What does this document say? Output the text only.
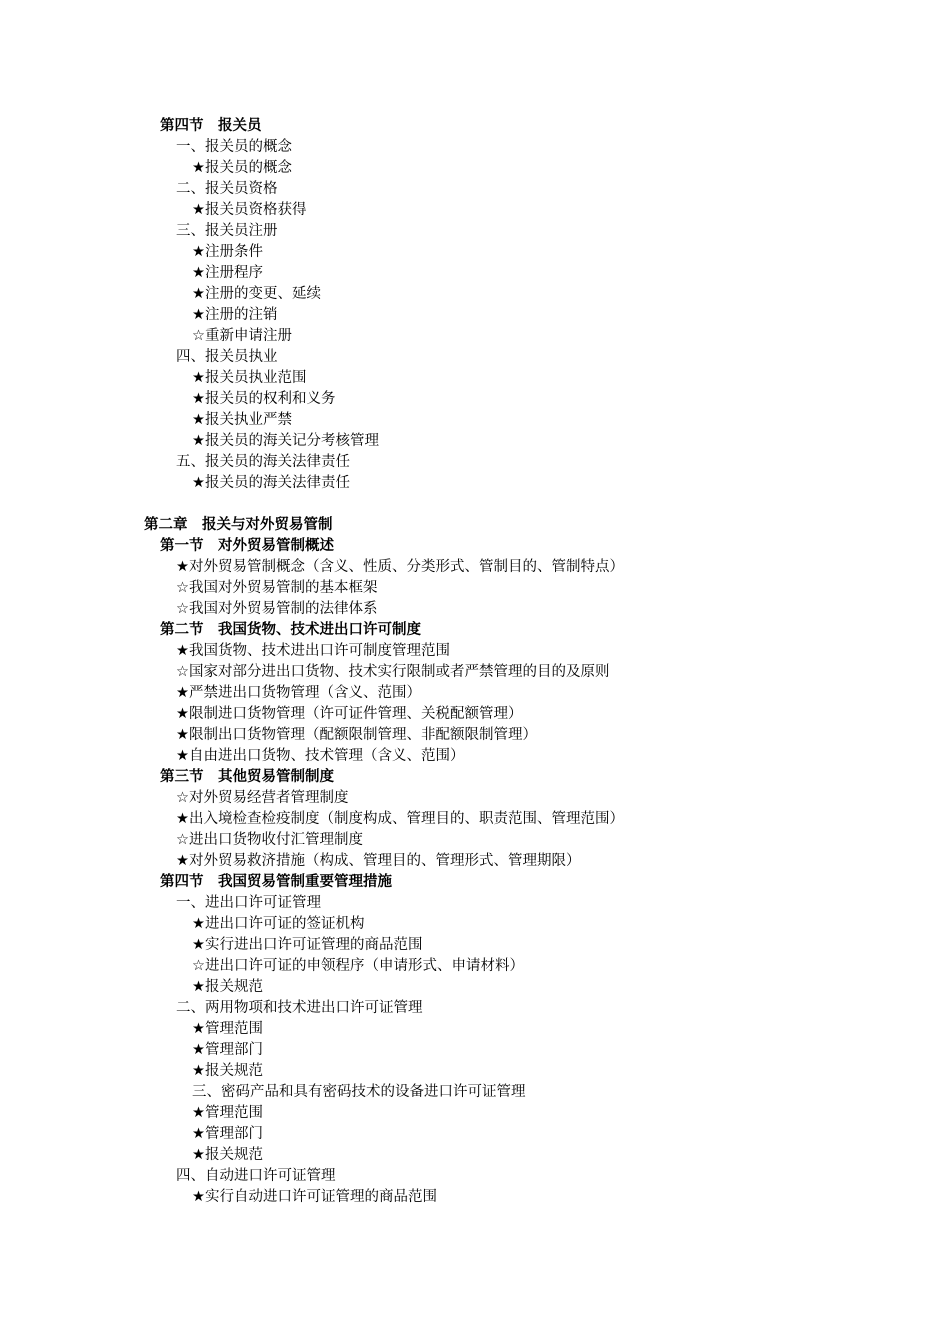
第四节　报关员
一、报关员的概念
★报关员的概念
二、报关员资格
★报关员资格获得
三、报关员注册
★注册条件
★注册程序
★注册的变更、延续
★注册的注销
☆重新申请注册
四、报关员执业
★报关员执业范围
★报关员的权利和义务
★报关执业严禁
★报关员的海关记分考核管理
五、报关员的海关法律责任
★报关员的海关法律责任
第二章　报关与对外贸易管制
第一节　对外贸易管制概述
★对外贸易管制概念（含义、性质、分类形式、管制目的、管制特点）
☆我国对外贸易管制的基本框架
☆我国对外贸易管制的法律体系
第二节　我国货物、技术进出口许可制度
★我国货物、技术进出口许可制度管理范围
☆国家对部分进出口货物、技术实行限制或者严禁管理的目的及原则
★严禁进出口货物管理（含义、范围）
★限制进口货物管理（许可证件管理、关税配额管理）
★限制出口货物管理（配额限制管理、非配额限制管理）
★自由进出口货物、技术管理（含义、范围）
第三节　其他贸易管制制度
☆对外贸易经营者管理制度
★出入境检查检疫制度（制度构成、管理目的、职责范围、管理范围）
☆进出口货物收付汇管理制度
★对外贸易救济措施（构成、管理目的、管理形式、管理期限）
第四节　我国贸易管制重要管理措施
一、进出口许可证管理
★进出口许可证的签证机构
★实行进出口许可证管理的商品范围
☆进出口许可证的申领程序（申请形式、申请材料）
★报关规范
二、两用物项和技术进出口许可证管理
★管理范围
★管理部门
★报关规范
三、密码产品和具有密码技术的设备进口许可证管理
★管理范围
★管理部门
★报关规范
四、自动进口许可证管理
★实行自动进口许可证管理的商品范围
